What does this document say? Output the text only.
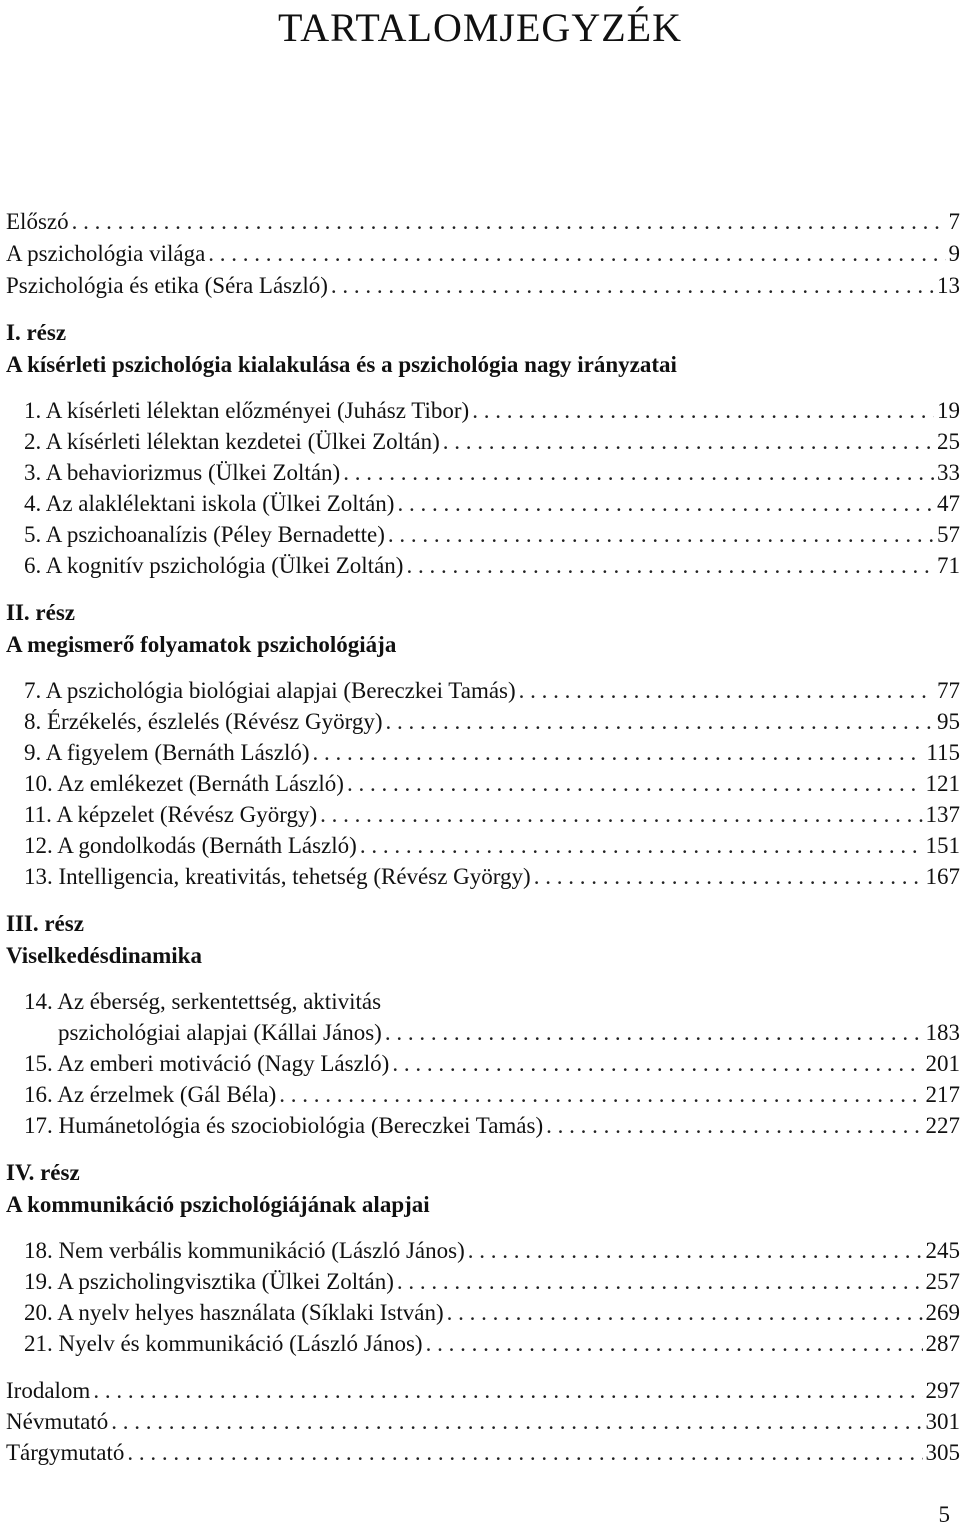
TARTALOMJEGYZÉK
Előszó . . .	7
A pszichológia világa . . .	9
Pszichológia és etika (Séra László) . . .	13
I. rész
A kísérleti pszichológia kialakulása és a pszichológia nagy irányzatai
1. A kísérleti lélektan előzményei (Juhász Tibor) . . .	19
2. A kísérleti lélektan kezdetei (Ülkei Zoltán) . . .	25
3. A behaviorizmus (Ülkei Zoltán) . . .	33
4. Az alaklélektani iskola (Ülkei Zoltán) . . .	47
5. A pszichoanalízis (Péley Bernadette) . . .	57
6. A kognitív pszichológia (Ülkei Zoltán) . . .	71
II. rész
A megismerő folyamatok pszichológiája
7. A pszichológia biológiai alapjai (Bereczkei Tamás) . . .	77
8. Érzékelés, észlelés (Révész György) . . .	95
9. A figyelem (Bernáth László) . . .	115
10. Az emlékezet (Bernáth László) . . .	121
11. A képzelet (Révész György) . . .	137
12. A gondolkodás (Bernáth László) . . .	151
13. Intelligencia, kreativitás, tehetség (Révész György) . . .	167
III. rész
Viselkedésdinamika
14. Az éberség, serkentettség, aktivitás
pszichológiai alapjai (Kállai János) . . .	183
15. Az emberi motiváció (Nagy László) . . .	201
16. Az érzelmek (Gál Béla) . . .	217
17. Humánetológia és szociobiológia (Bereczkei Tamás) . . .	227
IV. rész
A kommunikáció pszichológiájának alapjai
18. Nem verbális kommunikáció (László János) . . .	245
19. A pszicholingvisztika (Ülkei Zoltán) . . .	257
20. A nyelv helyes használata (Síklaki István) . . .	269
21. Nyelv és kommunikáció (László János) . . .	287
Irodalom . . .	297
Névmutató . . .	301
Tárgymutató . . .	305
5
